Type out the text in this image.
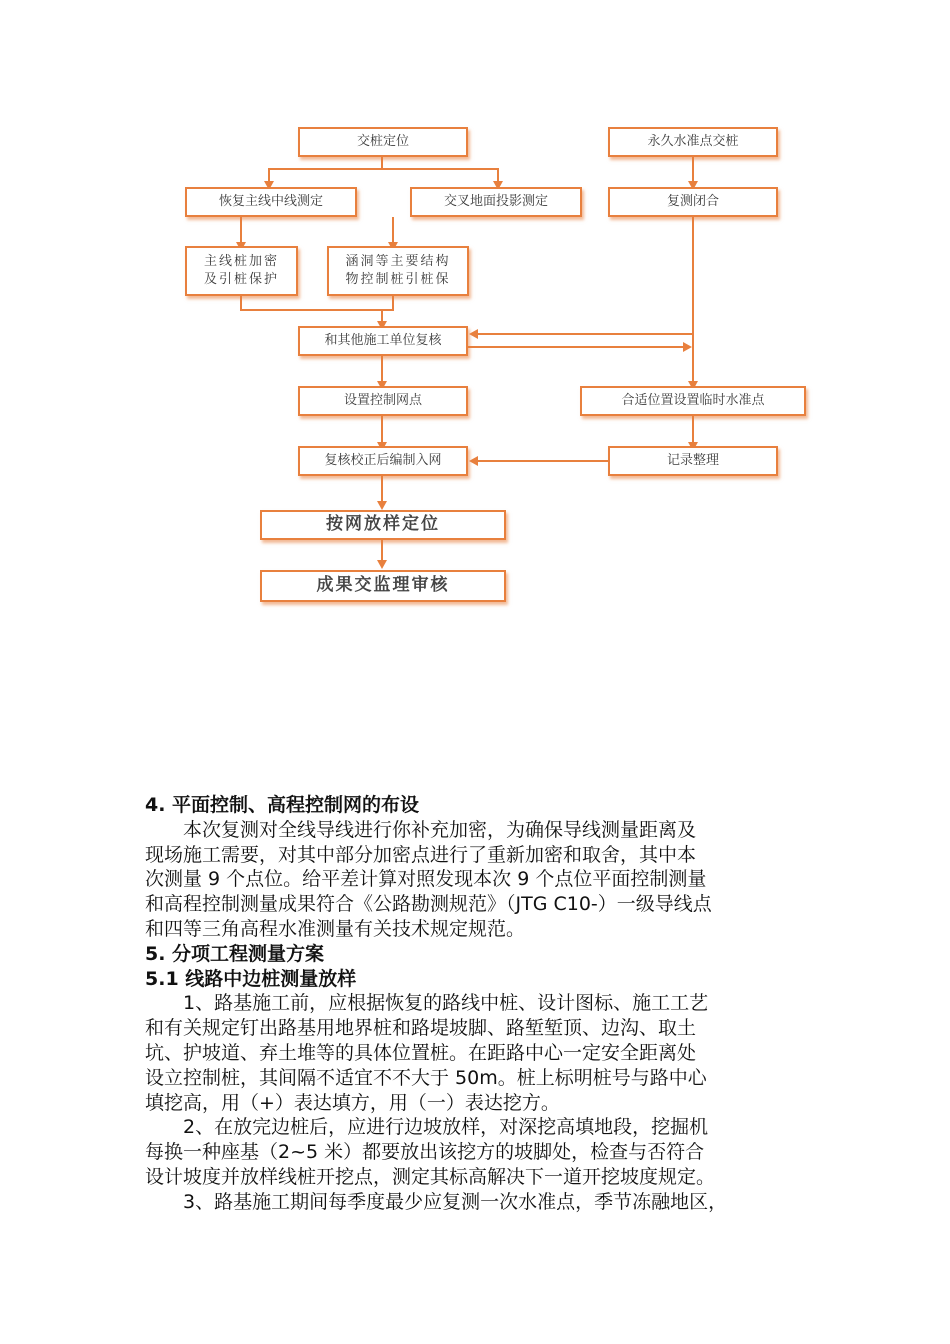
交桩定位	永久水准点交桩
恢复主线中线测定	交叉地面投影测定	复测闭合
主线桩加密
及引桩保护
涵洞等主要结构
物控制桩引桩保
和其他施工单位复核
设置控制网点	合适位置设置临时水准点
复核校正后编制入网	记录整理
按网放样定位
成果交监理审核

4. 平面控制、高程控制网的布设

本次复测对全线导线进行你补充加密，为确保导线测量距离及

现场施工需要，对其中部分加密点进行了重新加密和取舍，其中本

次测量 9 个点位。给平差计算对照发现本次 9 个点位平面控制测量

和高程控制测量成果符合《公路勘测规范》（JTG C10-）一级导线点

和四等三角高程水准测量有关技术规定规范。

5. 分项工程测量方案

5.1 线路中边桩测量放样

1、路基施工前，应根据恢复的路线中桩、设计图标、施工工艺

和有关规定钉出路基用地界桩和路堤坡脚、路堑堑顶、边沟、取土

坑、护坡道、弃土堆等的具体位置桩。在距路中心一定安全距离处

设立控制桩，其间隔不适宜不不大于 50m。桩上标明桩号与路中心

填挖高，用（+）表达填方，用（一）表达挖方。

2、在放完边桩后，应进行边坡放样，对深挖高填地段，挖掘机

每换一种座基（2~5 米）都要放出该挖方的坡脚处，检查与否符合

设计坡度并放样线桩开挖点，测定其标高解决下一道开挖坡度规定。

3、路基施工期间每季度最少应复测一次水准点，季节冻融地区，
